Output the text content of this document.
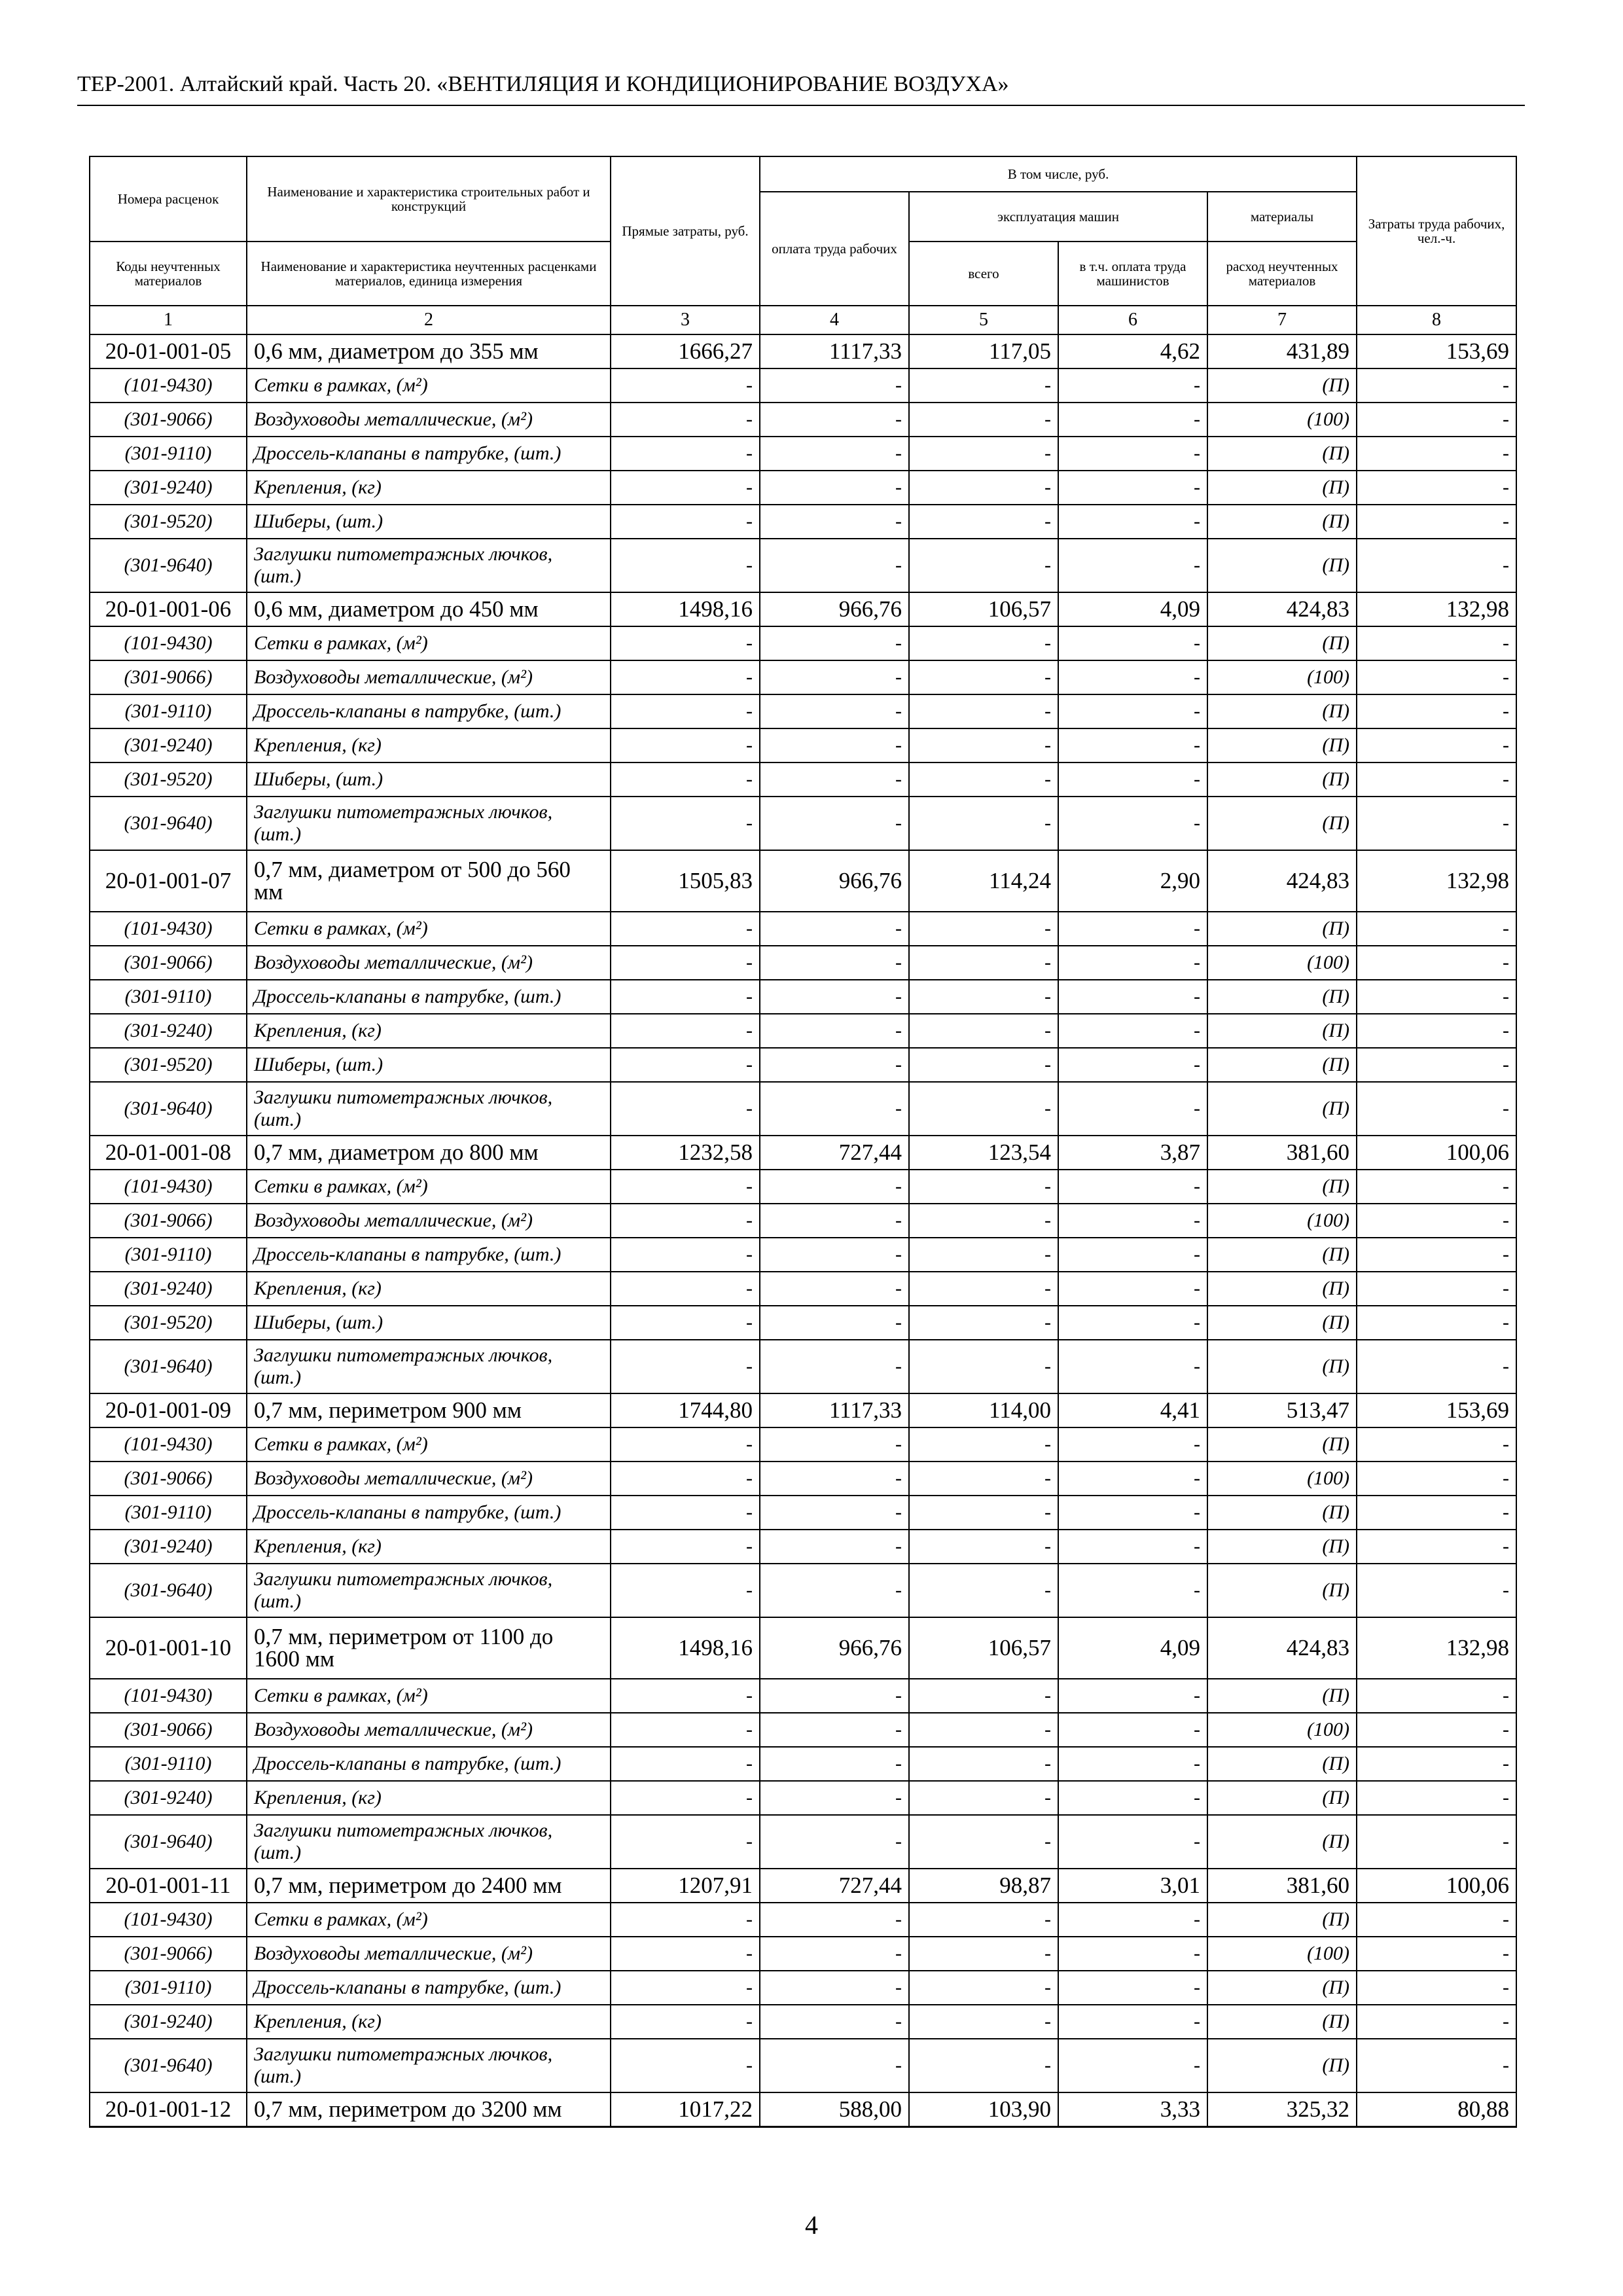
ТЕР-2001. Алтайский край. Часть 20. «ВЕНТИЛЯЦИЯ И КОНДИЦИОНИРОВАНИЕ ВОЗДУХА»
Номера расценок	Наименование и характеристика строительных работ и конструкций	Прямые затраты, руб.	В том числе, руб.				Затраты труда рабочих, чел.-ч.
			оплата труда рабочих	эксплуатация машин		материалы	
Коды неучтенных материалов	Наименование и характеристика неучтенных расценками материалов, единица измерения			всего	в т.ч. оплата труда машинистов	расход неучтенных материалов	
1	2	3	4	5	6	7	8
20-01-001-05	0,6 мм, диаметром до 355 мм	1666,27	1117,33	117,05	4,62	431,89	153,69
(101-9430)	Сетки в рамках, (м²)	-	-	-	-	(П)	-
(301-9066)	Воздуховоды металлические, (м²)	-	-	-	-	(100)	-
(301-9110)	Дроссель-клапаны в патрубке, (шт.)	-	-	-	-	(П)	-
(301-9240)	Крепления, (кг)	-	-	-	-	(П)	-
(301-9520)	Шиберы, (шт.)	-	-	-	-	(П)	-
(301-9640)	Заглушки питометражных лючков, (шт.)	-	-	-	-	(П)	-
20-01-001-06	0,6 мм, диаметром до 450 мм	1498,16	966,76	106,57	4,09	424,83	132,98
(101-9430)	Сетки в рамках, (м²)	-	-	-	-	(П)	-
(301-9066)	Воздуховоды металлические, (м²)	-	-	-	-	(100)	-
(301-9110)	Дроссель-клапаны в патрубке, (шт.)	-	-	-	-	(П)	-
(301-9240)	Крепления, (кг)	-	-	-	-	(П)	-
(301-9520)	Шиберы, (шт.)	-	-	-	-	(П)	-
(301-9640)	Заглушки питометражных лючков, (шт.)	-	-	-	-	(П)	-
20-01-001-07	0,7 мм, диаметром от 500 до 560 мм	1505,83	966,76	114,24	2,90	424,83	132,98
(101-9430)	Сетки в рамках, (м²)	-	-	-	-	(П)	-
(301-9066)	Воздуховоды металлические, (м²)	-	-	-	-	(100)	-
(301-9110)	Дроссель-клапаны в патрубке, (шт.)	-	-	-	-	(П)	-
(301-9240)	Крепления, (кг)	-	-	-	-	(П)	-
(301-9520)	Шиберы, (шт.)	-	-	-	-	(П)	-
(301-9640)	Заглушки питометражных лючков, (шт.)	-	-	-	-	(П)	-
20-01-001-08	0,7 мм, диаметром до 800 мм	1232,58	727,44	123,54	3,87	381,60	100,06
(101-9430)	Сетки в рамках, (м²)	-	-	-	-	(П)	-
(301-9066)	Воздуховоды металлические, (м²)	-	-	-	-	(100)	-
(301-9110)	Дроссель-клапаны в патрубке, (шт.)	-	-	-	-	(П)	-
(301-9240)	Крепления, (кг)	-	-	-	-	(П)	-
(301-9520)	Шиберы, (шт.)	-	-	-	-	(П)	-
(301-9640)	Заглушки питометражных лючков, (шт.)	-	-	-	-	(П)	-
20-01-001-09	0,7 мм, периметром 900 мм	1744,80	1117,33	114,00	4,41	513,47	153,69
(101-9430)	Сетки в рамках, (м²)	-	-	-	-	(П)	-
(301-9066)	Воздуховоды металлические, (м²)	-	-	-	-	(100)	-
(301-9110)	Дроссель-клапаны в патрубке, (шт.)	-	-	-	-	(П)	-
(301-9240)	Крепления, (кг)	-	-	-	-	(П)	-
(301-9640)	Заглушки питометражных лючков, (шт.)	-	-	-	-	(П)	-
20-01-001-10	0,7 мм, периметром от 1100 до 1600 мм	1498,16	966,76	106,57	4,09	424,83	132,98
(101-9430)	Сетки в рамках, (м²)	-	-	-	-	(П)	-
(301-9066)	Воздуховоды металлические, (м²)	-	-	-	-	(100)	-
(301-9110)	Дроссель-клапаны в патрубке, (шт.)	-	-	-	-	(П)	-
(301-9240)	Крепления, (кг)	-	-	-	-	(П)	-
(301-9640)	Заглушки питометражных лючков, (шт.)	-	-	-	-	(П)	-
20-01-001-11	0,7 мм, периметром до 2400 мм	1207,91	727,44	98,87	3,01	381,60	100,06
(101-9430)	Сетки в рамках, (м²)	-	-	-	-	(П)	-
(301-9066)	Воздуховоды металлические, (м²)	-	-	-	-	(100)	-
(301-9110)	Дроссель-клапаны в патрубке, (шт.)	-	-	-	-	(П)	-
(301-9240)	Крепления, (кг)	-	-	-	-	(П)	-
(301-9640)	Заглушки питометражных лючков, (шт.)	-	-	-	-	(П)	-
20-01-001-12	0,7 мм, периметром до 3200 мм	1017,22	588,00	103,90	3,33	325,32	80,88
4
